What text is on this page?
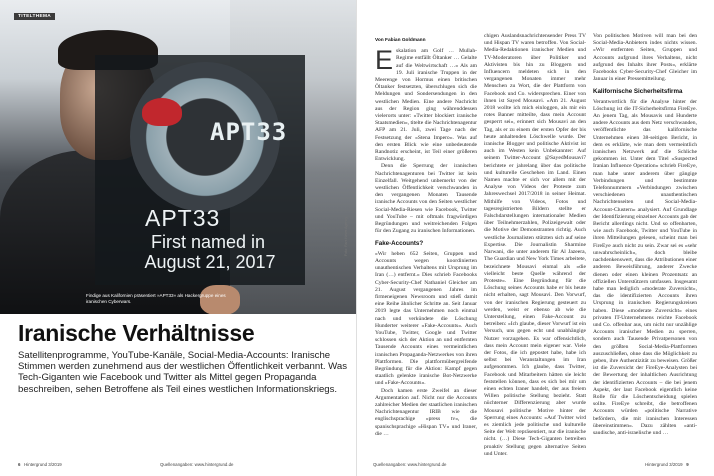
APT33
APT33
First named in
August 21, 2017
TITELTHEMA
Findige aus Kalifornien präsentiert »APT33« als Hackergruppe eines iranischen Cyberwars.
Foto: Fars News Agency
Iranische Verhältnisse

Satellitenprogramme, YouTube-Kanäle, Social-Media-Accounts: Iranische Stimmen werden zunehmend aus der westlichen Öffentlichkeit verbannt. Was Tech-Giganten wie Facebook und Twitter als Mittel gegen Propaganda beschreiben, sehen Betroffene als Teil eines westlichen Informationskriegs.

6 Hintergrund 3/2019	Quellenangaben: www.hintergrund.de
Von Fabian Goldmann

Eskalation am Golf … Mullah-Regime entfällt Öltanker … Gelalte auf die Weltwirtschaft …« Als am 19. Juli iranische Truppen in der Meerenge von Hormus einen britischen Öltanker festsetzten, überschlugen sich die Meldungen und Sondersendungen in den westlichen Medien. Eine andere Nachricht aus der Region ging währenddessen vielerorts unter: »Twitter blockiert iranische Staatsmedien«, titelte die Nachrichtenagentur AFP am 21. Juli, zwei Tage nach der Festsetzung der »Stena Impero«. Was auf den ersten Blick wie eine unbedeutende Randnotiz erscheint, ist Teil einer größeren Entwicklung.

Denn die Sperrung der iranischen Nachrichtenagenturen bei Twitter ist kein Einzelfall. Weitgehend unbemerkt von der westlichen Öffentlichkeit verschwanden in den vergangenen Monaten Tausende iranische Accounts von den Seiten westlicher Social-Media-Riesen wie Facebook, Twitter und YouTube – mit oftmals fragwürdigen Begründungen und weitreichenden Folgen für den Zugang zu iranischen Informationen.

Fake-Accounts?

»Wir heben 652 Seiten, Gruppen und Accounts wegen koordinierten unauthentischen Verhaltens mit Ursprung im Iran (…) entfernt.« Dies schrieb Facebooks Cyber-Security-Chef Nathaniel Gleicher am 21. August vergangenen Jahres im firmeneigenen Newsroom und stieß damit eine Reihe ähnlicher Schritte an. Seit Januar 2019 legte das Unternehmen noch einmal nach und verkündete die Löschung Hunderter weiterer »Fake-Accounts«. Auch YouTube, Twitter, Google und Twitter schlossen sich der Aktion an und entfernten Tausende Accounts eines vermeintlichen iranischen Propaganda-Netzwerkes von ihren Plattformen. Die plattformübergreifende Begründung für die Aktion: Kampf gegen staatlich gelenkte iranische Bot-Netzwerke und »Fake-Accounts«.

Doch kamen erste Zweifel an dieser Argumentation auf. Nicht nur die Accounts zahlreicher Medien der staatlichen iranischen Nachrichtenagentur IRIB wie die englischsprachige »press tv«, die spanischsprachige »Hispan TV« und Iraner, die …

chigen Auslandsnachrichtensender Press TV und Hispan TV waren betroffen. Von Social-Media-Redaktionen iranischer Medien und TV-Moderatoren über Politiker und Aktivisten bis hin zu Bloggern und Influencern meldeten sich in den vergangenen Monaten immer mehr Menschen zu Wort, die der Plattform von Facebook und Co. widersprechen. Einer von ihnen ist Sayed Mousavi. »Am 21. August 2018 wollte ich mich einloggen, als mir ein rotes Banner mitteilte, dass mein Account gesperrt sei«, erinnert sich Mousavi an den Tag, als er zu einem der ersten Opfer der bis heute anhaltenden Löschwelle wurde. Der iranische Blogger und politische Aktivist ist auch im Westen kein Unbekannter: Auf seinem Twitter-Account @SayedMousavi7 berichtete er jahrelang über das politische und kulturelle Geschehen im Land. Einen Namen machte er sich vor allem mit der Analyse von Videos der Proteste zum Jahreswechsel 2017/2018 in seiner Heimat. Mithilfe von Videos, Fotos und tagesregistrierten Bildern stellte er Falschdarstellungen internationaler Medien über Teilnehmerzahlen, Polizeigewalt oder die Motive der Demonstranten richtig. Auch westliche Journalisten stützten sich auf seine Expertise. Die Journalistin Sharmine Narwani, die unter anderem für Al Jazeera, The Guardian und New York Times arbeitete, bezeichnete Mousavi einmal als »die vielleicht beste Quelle während der Proteste«. Eine Begründung für die Löschung seines Accounts habe er bis heute nicht erhalten, sagt Mousavi. Den Vorwurf, von der iranischen Regierung gesteuert zu werden, weist er ebenso ab wie die Unterstellung, einen Fake-Account zu betreiben: »Ich glaube, dieser Vorwurf ist ein Versuch, uns gegen echt und unabhängige Nutzer vorzugehen. Es war offensichtlich, dass mein Account mein eigener war. Viele der Fotos, die ich gepostet habe, habe ich selbst bei Veranstaltungen im Iran aufgenommen. Ich glaube, dass Twitter, Facebook und Mitarbeitern hätten sie leicht feststellen können, dass es sich bei mir um einen echten Iraner handelt, der aus freiem Willen politische Stellung bezieht. Statt nüchterner Differenzierung aber wurde Mousavi politische Motive hinter der Sperrung eines Accounts: »Auf Twitter wird es ziemlich jede politische und kulturelle Seite der Welt repräsentiert, nur die iranische nicht. (…) Diese Tech-Giganten betreiben proaktiv Stellung gegen alternative Seiten und Unter.

Von politischen Motiven will man bei den Social-Media-Anbietern indes nichts wissen. »Wir entfernten Seiten, Gruppen und Accounts aufgrund ihres Verhaltens, nicht aufgrund des Inhalts ihrer Posts«, erklärte Facebooks Cyber-Security-Chef Gleicher im Januar in einer Pressemitteilung.

Kalifornische Sicherheitsfirma

Verantwortlich für die Analyse hinter der Löschung ist die IT-Sicherheitsfirma FireEye. An jenem Tag, als Mousavis und Hunderte andere Accounts aus dem Netz verschwanden, veröffentlichte das kalifornische Unternehmen einen 38-seitigen Bericht, in dem es erklärte, wie man dem vermeintlich iranischen Netzwerk auf die Schliche gekommen ist. Unter dem Titel »Suspected Iranian Influence Operation« schrieb FireEye, man habe unter anderem über gängige Verbindungen und bestimmte Telefonnummern »Verbindungen zwischen verschiedenen unauthentischen Nachrichtenseiten und Social-Media-Account-Clustern« analysiert. Auf Grundlage der Identifizierung einzelner Accounts gab der Bericht allerdings nicht. Und so offenbarten, wie auch Facebook, Twitter und YouTube in ihren Mitteilungen gelesen, scheint man bei FireEye auch nicht zu sein. Zwar sei es »sehr unwahrscheinlich«, doch bleibe nachdenkenswert, dass die Attributionen einer anderen Beweisführung, anderer Zwecke dienen oder einen kleinen Prozentsatz an offiziellen Unterstützern umfassen. Insgesamt habe man lediglich »moderate Zuversicht«, das die identifizierten Accounts ihren Ursprung in iranischen Regierungskreisen haben. Diese »moderate Zuversicht« eines privaten IT-Unternehmens reichte Facebook und Co. offenbar aus, um nicht nur unzählige Accounts iranischer Medien zu sperren, sondern auch Tausende Privatpersonen von den größten Social-Media-Plattformen auszuschließen, ohne dass die Möglichkeit zu geben, ihre Authentizität zu beweisen. Größer ist die Zuversicht der FireEye-Analysten bei der Bewertung der inhaltlichen Ausrichtung der identifizierten Accounts – die bei jenem Aspekt, der laut Facebook eigentlich keine Rolle für die Löschentscheidung spielen sollte. FireEye schreibt, die betroffenen Accounts würden »politische Narrative befördern, die mit iranischen Interessen übereinstimmen«. Dazu zählten »anti-saudische, anti-israelische und …

Quellenangaben: www.hintergrund.de	Hintergrund 3/2019 9
